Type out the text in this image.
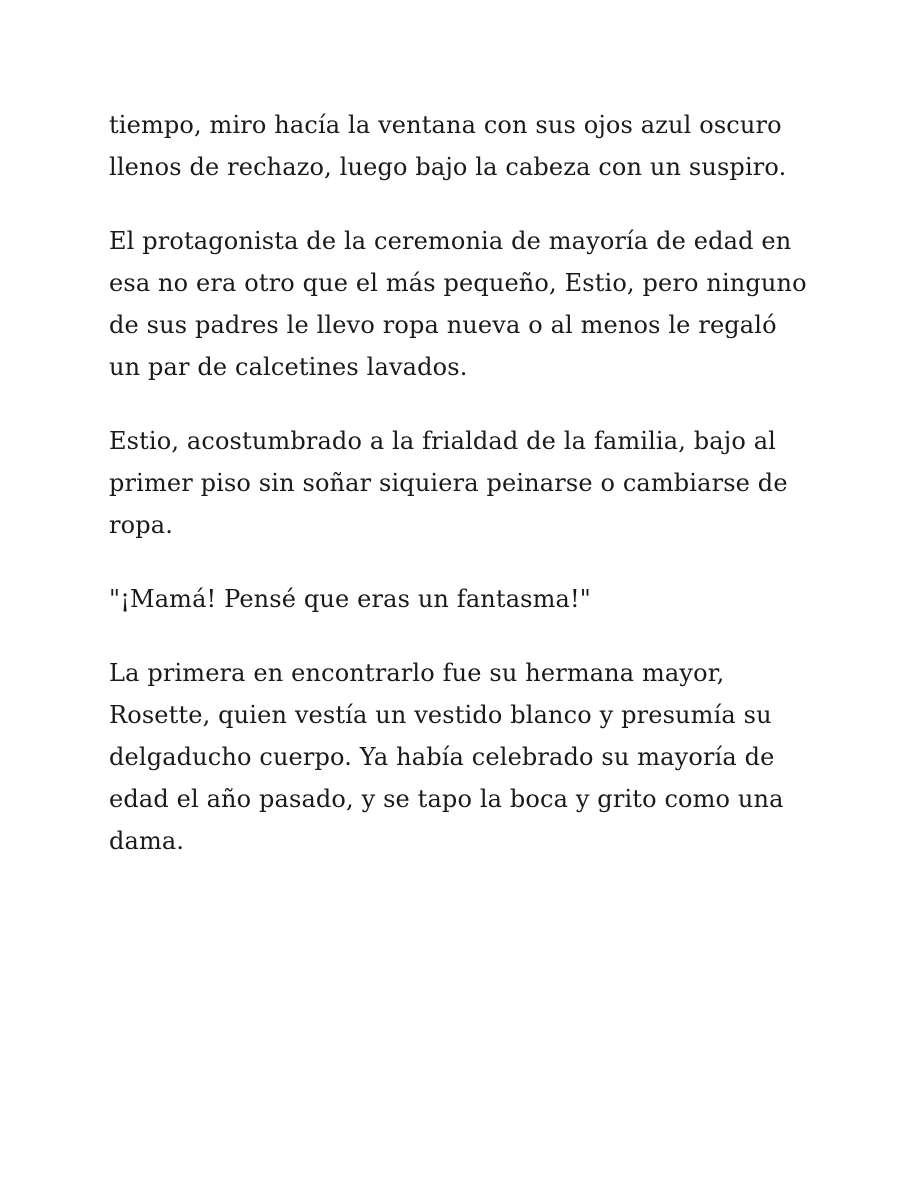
tiempo, miro hacía la ventana con sus ojos azul oscuro llenos de rechazo, luego bajo la cabeza con un suspiro.

El protagonista de la ceremonia de mayoría de edad en esa no era otro que el más pequeño, Estio, pero ninguno de sus padres le llevo ropa nueva o al menos le regaló un par de calcetines lavados.

Estio, acostumbrado a la frialdad de la familia, bajo al primer piso sin soñar siquiera peinarse o cambiarse de ropa.

"¡Mamá! Pensé que eras un fantasma!"

La primera en encontrarlo fue su hermana mayor, Rosette, quien vestía un vestido blanco y presumía su delgaducho cuerpo. Ya había celebrado su mayoría de edad el año pasado, y se tapo la boca y grito como una dama.
